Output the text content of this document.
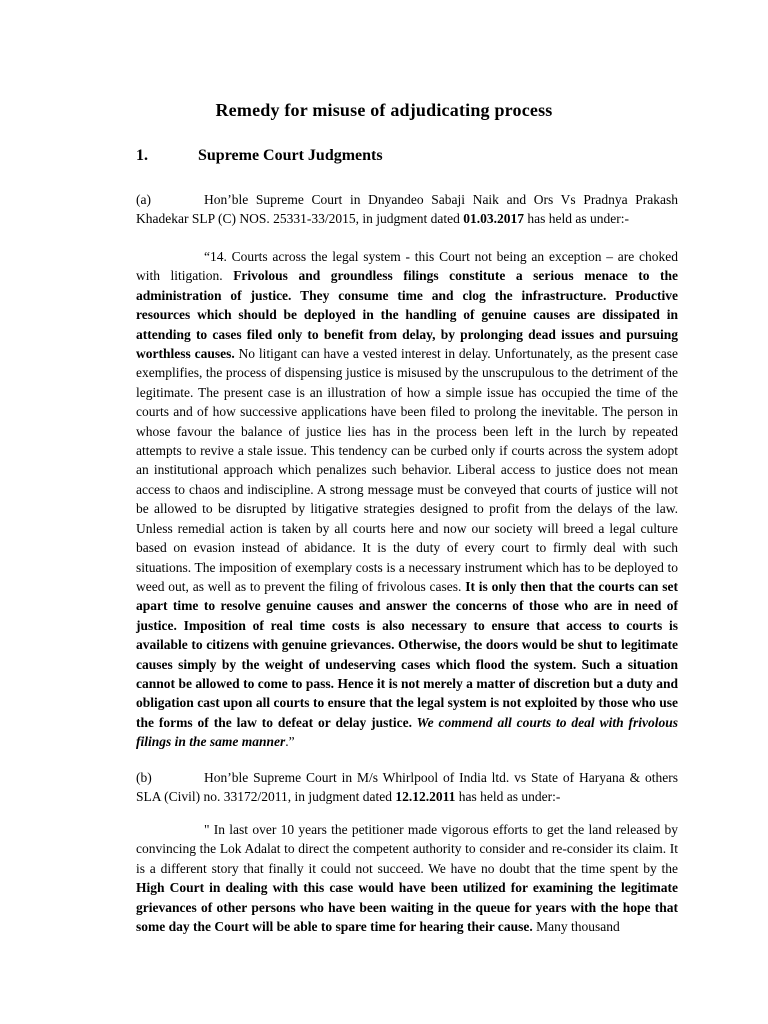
Remedy for misuse of adjudicating process
1.	Supreme Court Judgments
(a)	Hon’ble Supreme Court in Dnyandeo Sabaji Naik and Ors Vs Pradnya Prakash Khadekar SLP (C) NOS. 25331-33/2015, in judgment dated 01.03.2017 has held as under:-

“14. Courts across the legal system - this Court not being an exception – are choked with litigation. Frivolous and groundless filings constitute a serious menace to the administration of justice. They consume time and clog the infrastructure. Productive resources which should be deployed in the handling of genuine causes are dissipated in attending to cases filed only to benefit from delay, by prolonging dead issues and pursuing worthless causes. No litigant can have a vested interest in delay. Unfortunately, as the present case exemplifies, the process of dispensing justice is misused by the unscrupulous to the detriment of the legitimate. The present case is an illustration of how a simple issue has occupied the time of the courts and of how successive applications have been filed to prolong the inevitable. The person in whose favour the balance of justice lies has in the process been left in the lurch by repeated attempts to revive a stale issue. This tendency can be curbed only if courts across the system adopt an institutional approach which penalizes such behavior. Liberal access to justice does not mean access to chaos and indiscipline. A strong message must be conveyed that courts of justice will not be allowed to be disrupted by litigative strategies designed to profit from the delays of the law. Unless remedial action is taken by all courts here and now our society will breed a legal culture based on evasion instead of abidance. It is the duty of every court to firmly deal with such situations. The imposition of exemplary costs is a necessary instrument which has to be deployed to weed out, as well as to prevent the filing of frivolous cases. It is only then that the courts can set apart time to resolve genuine causes and answer the concerns of those who are in need of justice. Imposition of real time costs is also necessary to ensure that access to courts is available to citizens with genuine grievances. Otherwise, the doors would be shut to legitimate causes simply by the weight of undeserving cases which flood the system. Such a situation cannot be allowed to come to pass. Hence it is not merely a matter of discretion but a duty and obligation cast upon all courts to ensure that the legal system is not exploited by those who use the forms of the law to defeat or delay justice. We commend all courts to deal with frivolous filings in the same manner.”

(b)	Hon’ble Supreme Court in M/s Whirlpool of India ltd. vs State of Haryana & others SLA (Civil) no. 33172/2011, in judgment dated 12.12.2011 has held as under:-

" In last over 10 years the petitioner made vigorous efforts to get the land released by convincing the Lok Adalat to direct the competent authority to consider and re-consider its claim. It is a different story that finally it could not succeed. We have no doubt that the time spent by the High Court in dealing with this case would have been utilized for examining the legitimate grievances of other persons who have been waiting in the queue for years with the hope that some day the Court will be able to spare time for hearing their cause. Many thousand
